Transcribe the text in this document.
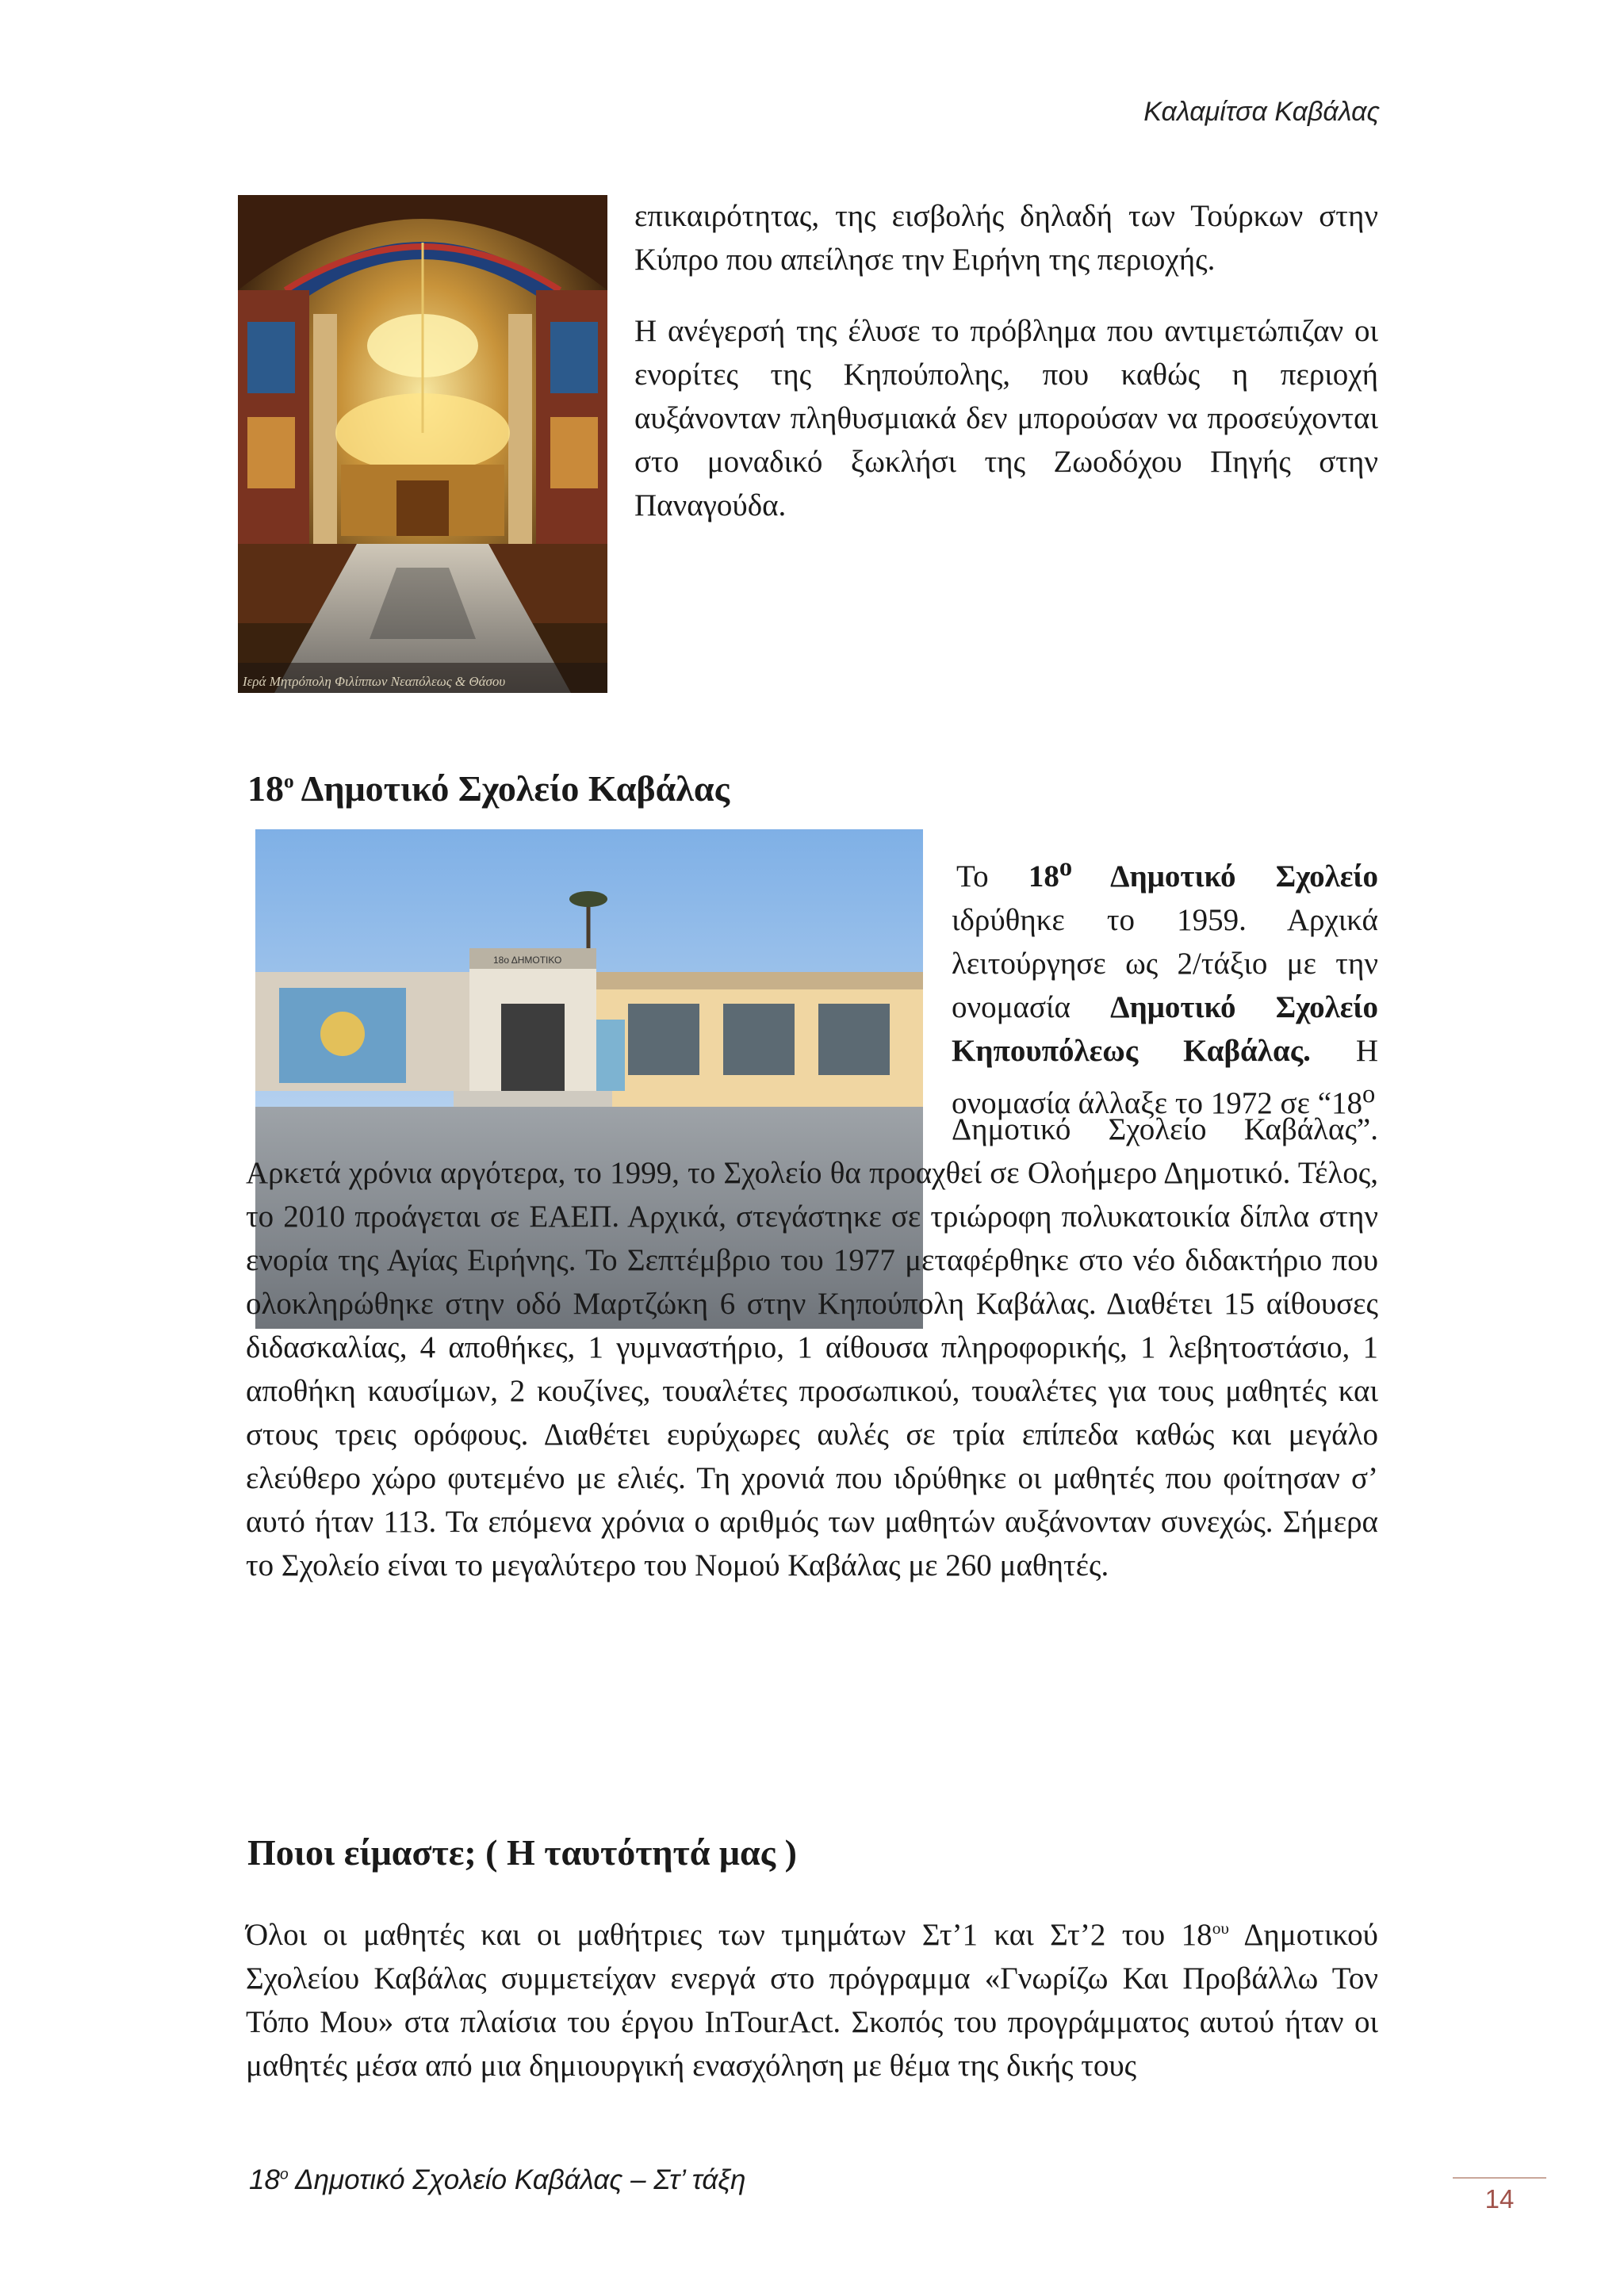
Καλαμίτσα Καβάλας
Ιερά Μητρόπολη Φιλίππων Νεαπόλεως & Θάσου

επικαιρότητας, της εισβολής δηλαδή των Τούρκων στην Κύπρο που απείλησε την Ειρήνη της περιοχής.

Η ανέγερσή της έλυσε το πρόβλημα που αντιμετώπιζαν οι ενορίτες της Κηπούπολης, που καθώς η περιοχή αυξάνονταν πληθυσμιακά δεν μπορούσαν να προσεύχονται στο μοναδικό ξωκλήσι της Ζωοδόχου Πηγής στην Παναγούδα.

$18^o$ Δημοτικό Σχολείο Καβάλας
18ο ΔΗΜΟΤΙΚΟ
Το $18^o$ Δημοτικό Σχολείο ιδρύθηκε το 1959. Αρχικά λειτούργησε ως 2/τάξιο με την ονομασία Δημοτικό Σχολείο Κηπουπόλεως Καβάλας. Η ονομασία άλλαξε το 1972 σε “$18^o$

Δημοτικό Σχολείο Καβάλας”. Αρκετά χρόνια αργότερα, το 1999, το Σχολείο θα προαχθεί σε Ολοήμερο Δημοτικό. Τέλος, το 2010 προάγεται σε ΕΑΕΠ. Αρχικά, στεγάστηκε σε τριώροφη πολυκατοικία δίπλα στην ενορία της Αγίας Ειρήνης. Το Σεπτέμβριο του 1977 μεταφέρθηκε στο νέο διδακτήριο που ολοκληρώθηκε στην οδό Μαρτζώκη 6 στην Κηπούπολη Καβάλας. Διαθέτει 15 αίθουσες διδασκαλίας, 4 αποθήκες, 1 γυμναστήριο, 1 αίθουσα πληροφορικής, 1 λεβητοστάσιο, 1 αποθήκη καυσίμων, 2 κουζίνες, τουαλέτες προσωπικού, τουαλέτες για τους μαθητές και στους τρεις ορόφους. Διαθέτει ευρύχωρες αυλές σε τρία επίπεδα καθώς και μεγάλο ελεύθερο χώρο φυτεμένο με ελιές. Τη χρονιά που ιδρύθηκε οι μαθητές που φοίτησαν σ’ αυτό ήταν 113. Τα επόμενα χρόνια ο αριθμός των μαθητών αυξάνονταν συνεχώς. Σήμερα το Σχολείο είναι το μεγαλύτερο του Νομού Καβάλας με 260 μαθητές.

Ποιοι είμαστε; ( Η ταυτότητά μας )

Όλοι οι μαθητές και οι μαθήτριες των τμημάτων Στ’1 και Στ’2 του $18^{o\upsilon}$ Δημοτικού Σχολείου Καβάλας συμμετείχαν ενεργά στο πρόγραμμα «Γνωρίζω Και Προβάλλω Τον Τόπο Μου» στα πλαίσια του έργου InTourAct. Σκοπός του προγράμματος αυτού ήταν οι μαθητές μέσα από μια δημιουργική ενασχόληση με θέμα της δικής τους

$18^o$ Δημοτικό Σχολείο Καβάλας – Στ’ τάξη
14
